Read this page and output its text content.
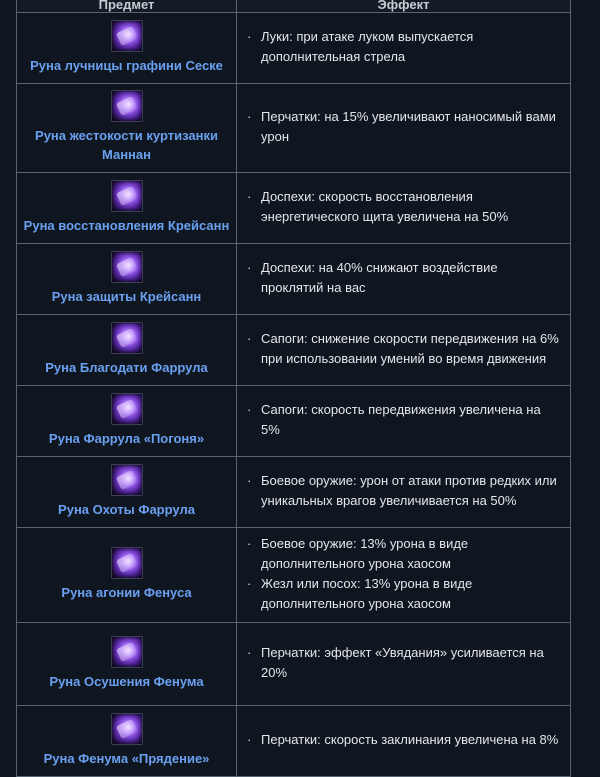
Предмет	Эффект
Руна лучницы графини Сеске
· Луки: при атаке луком выпускается дополнительная стрела
Руна жестокости куртизанки Маннан
· Перчатки: на 15% увеличивают наносимый вами урон
Руна восстановления Крейсанн
· Доспехи: скорость восстановления энергетического щита увеличена на 50%
Руна защиты Крейсанн
· Доспехи: на 40% снижают воздействие проклятий на вас
Руна Благодати Фаррула
· Сапоги: снижение скорости передвижения на 6% при использовании умений во время движения
Руна Фаррула «Погоня»
· Сапоги: скорость передвижения увеличена на 5%
Руна Охоты Фаррула
· Боевое оружие: урон от атаки против редких или уникальных врагов увеличивается на 50%
Руна агонии Фенуса
· Боевое оружие: 13% урона в виде дополнительного урона хаосом
· Жезл или посох: 13% урона в виде дополнительного урона хаосом
Руна Осушения Фенума
· Перчатки: эффект «Увядания» усиливается на 20%
Руна Фенума «Прядение»
· Перчатки: скорость заклинания увеличена на 8%
